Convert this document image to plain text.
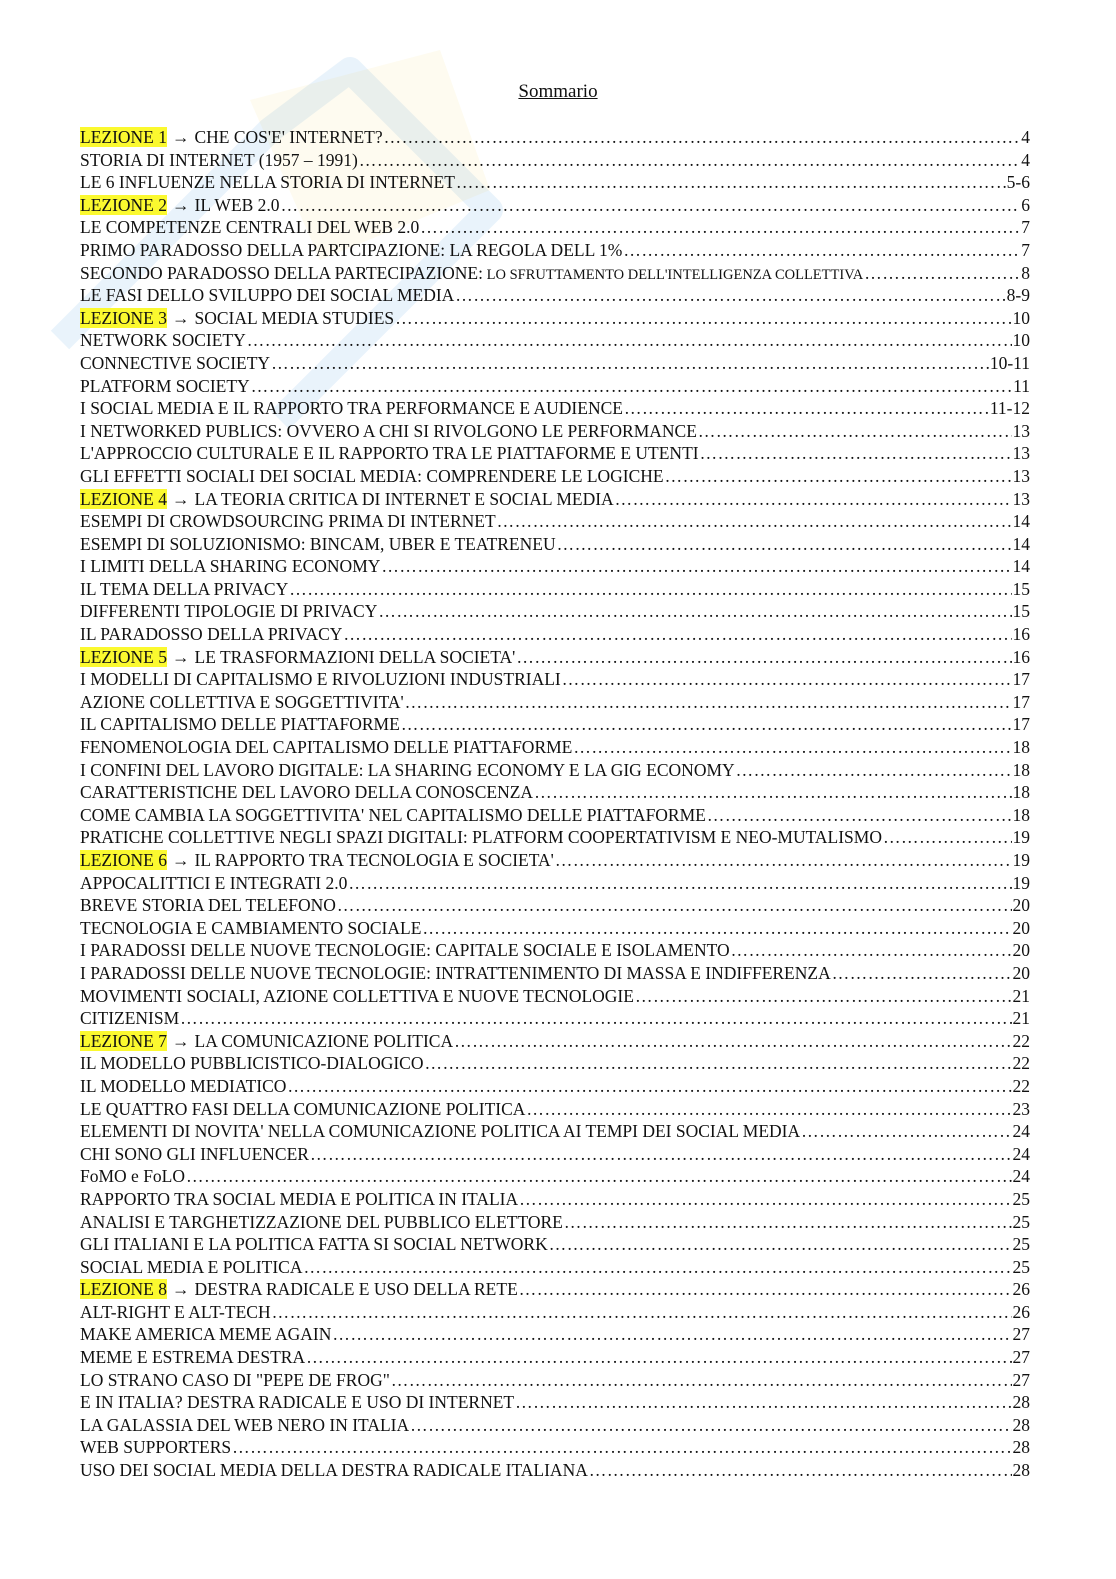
Sommario
LEZIONE 1 → CHE COS'E' INTERNET? ……………………………………………………………………………………………………………………………………………………………………………………………………………………………………………………………………………………	4
STORIA DI INTERNET (1957 – 1991) ……………………………………………………………………………………………………………………………………………………………………………………………………………………………………………………………………………………	4
LE 6 INFLUENZE NELLA STORIA DI INTERNET ……………………………………………………………………………………………………………………………………………………………………………………………………………………………………………………………………………………	5-6
LEZIONE 2 → IL WEB 2.0 ……………………………………………………………………………………………………………………………………………………………………………………………………………………………………………………………………………………	6
LE COMPETENZE CENTRALI DEL WEB 2.0 ……………………………………………………………………………………………………………………………………………………………………………………………………………………………………………………………………………………	7
PRIMO PARADOSSO DELLA PARTCIPAZIONE: LA REGOLA DELL 1% ……………………………………………………………………………………………………………………………………………………………………………………………………………………………………………………………………………………	7
SECONDO PARADOSSO DELLA PARTECIPAZIONE: LO SFRUTTAMENTO DELL'INTELLIGENZA COLLETTIVA ……………………………………………………………………………………………………………………………………………………………………………………………………………………………………………………………………………………	8
LE FASI DELLO SVILUPPO DEI SOCIAL MEDIA ……………………………………………………………………………………………………………………………………………………………………………………………………………………………………………………………………………………	8-9
LEZIONE 3 → SOCIAL MEDIA STUDIES ……………………………………………………………………………………………………………………………………………………………………………………………………………………………………………………………………………………	10
NETWORK SOCIETY ……………………………………………………………………………………………………………………………………………………………………………………………………………………………………………………………………………………	10
CONNECTIVE SOCIETY ……………………………………………………………………………………………………………………………………………………………………………………………………………………………………………………………………………………	10-11
PLATFORM SOCIETY ……………………………………………………………………………………………………………………………………………………………………………………………………………………………………………………………………………………	11
I SOCIAL MEDIA E IL RAPPORTO TRA PERFORMANCE E AUDIENCE ……………………………………………………………………………………………………………………………………………………………………………………………………………………………………………………………………………………	11-12
I NETWORKED PUBLICS: OVVERO A CHI SI RIVOLGONO LE PERFORMANCE ……………………………………………………………………………………………………………………………………………………………………………………………………………………………………………………………………………………	13
L'APPROCCIO CULTURALE E IL RAPPORTO TRA LE PIATTAFORME E UTENTI ……………………………………………………………………………………………………………………………………………………………………………………………………………………………………………………………………………………	13
GLI EFFETTI SOCIALI DEI SOCIAL MEDIA: COMPRENDERE LE LOGICHE ……………………………………………………………………………………………………………………………………………………………………………………………………………………………………………………………………………………	13
LEZIONE 4 → LA TEORIA CRITICA DI INTERNET E SOCIAL MEDIA ……………………………………………………………………………………………………………………………………………………………………………………………………………………………………………………………………………………	13
ESEMPI DI CROWDSOURCING PRIMA DI INTERNET ……………………………………………………………………………………………………………………………………………………………………………………………………………………………………………………………………………………	14
ESEMPI DI SOLUZIONISMO: BINCAM, UBER E TEATRENEU ……………………………………………………………………………………………………………………………………………………………………………………………………………………………………………………………………………………	14
I LIMITI DELLA SHARING ECONOMY ……………………………………………………………………………………………………………………………………………………………………………………………………………………………………………………………………………………	14
IL TEMA DELLA PRIVACY ……………………………………………………………………………………………………………………………………………………………………………………………………………………………………………………………………………………	15
DIFFERENTI TIPOLOGIE DI PRIVACY ……………………………………………………………………………………………………………………………………………………………………………………………………………………………………………………………………………………	15
IL PARADOSSO DELLA PRIVACY ……………………………………………………………………………………………………………………………………………………………………………………………………………………………………………………………………………………	16
LEZIONE 5 → LE TRASFORMAZIONI DELLA SOCIETA' ……………………………………………………………………………………………………………………………………………………………………………………………………………………………………………………………………………………	16
I MODELLI DI CAPITALISMO E RIVOLUZIONI INDUSTRIALI ……………………………………………………………………………………………………………………………………………………………………………………………………………………………………………………………………………………	17
AZIONE COLLETTIVA E SOGGETTIVITA' ……………………………………………………………………………………………………………………………………………………………………………………………………………………………………………………………………………………	17
IL CAPITALISMO DELLE PIATTAFORME ……………………………………………………………………………………………………………………………………………………………………………………………………………………………………………………………………………………	17
FENOMENOLOGIA DEL CAPITALISMO DELLE PIATTAFORME ……………………………………………………………………………………………………………………………………………………………………………………………………………………………………………………………………………………	18
I CONFINI DEL LAVORO DIGITALE: LA SHARING ECONOMY E LA GIG ECONOMY ……………………………………………………………………………………………………………………………………………………………………………………………………………………………………………………………………………………	18
CARATTERISTICHE DEL LAVORO DELLA CONOSCENZA ……………………………………………………………………………………………………………………………………………………………………………………………………………………………………………………………………………………	18
COME CAMBIA LA SOGGETTIVITA' NEL CAPITALISMO DELLE PIATTAFORME ……………………………………………………………………………………………………………………………………………………………………………………………………………………………………………………………………………………	18
PRATICHE COLLETTIVE NEGLI SPAZI DIGITALI: PLATFORM COOPERTATIVISM E NEO-MUTALISMO ……………………………………………………………………………………………………………………………………………………………………………………………………………………………………………………………………………………	19
LEZIONE 6 → IL RAPPORTO TRA TECNOLOGIA E SOCIETA' ……………………………………………………………………………………………………………………………………………………………………………………………………………………………………………………………………………………	19
APPOCALITTICI E INTEGRATI 2.0 ……………………………………………………………………………………………………………………………………………………………………………………………………………………………………………………………………………………	19
BREVE STORIA DEL TELEFONO ……………………………………………………………………………………………………………………………………………………………………………………………………………………………………………………………………………………	20
TECNOLOGIA E CAMBIAMENTO SOCIALE ……………………………………………………………………………………………………………………………………………………………………………………………………………………………………………………………………………………	20
I PARADOSSI DELLE NUOVE TECNOLOGIE: CAPITALE SOCIALE E ISOLAMENTO ……………………………………………………………………………………………………………………………………………………………………………………………………………………………………………………………………………………	20
I PARADOSSI DELLE NUOVE TECNOLOGIE: INTRATTENIMENTO DI MASSA E INDIFFERENZA ……………………………………………………………………………………………………………………………………………………………………………………………………………………………………………………………………………………	20
MOVIMENTI SOCIALI, AZIONE COLLETTIVA E NUOVE TECNOLOGIE ……………………………………………………………………………………………………………………………………………………………………………………………………………………………………………………………………………………	21
CITIZENISM ……………………………………………………………………………………………………………………………………………………………………………………………………………………………………………………………………………………	21
LEZIONE 7 → LA COMUNICAZIONE POLITICA ……………………………………………………………………………………………………………………………………………………………………………………………………………………………………………………………………………………	22
IL MODELLO PUBBLICISTICO-DIALOGICO ……………………………………………………………………………………………………………………………………………………………………………………………………………………………………………………………………………………	22
IL MODELLO MEDIATICO ……………………………………………………………………………………………………………………………………………………………………………………………………………………………………………………………………………………	22
LE QUATTRO FASI DELLA COMUNICAZIONE POLITICA ……………………………………………………………………………………………………………………………………………………………………………………………………………………………………………………………………………………	23
ELEMENTI DI NOVITA' NELLA COMUNICAZIONE POLITICA AI TEMPI DEI SOCIAL MEDIA ……………………………………………………………………………………………………………………………………………………………………………………………………………………………………………………………………………………	24
CHI SONO GLI INFLUENCER ……………………………………………………………………………………………………………………………………………………………………………………………………………………………………………………………………………………	24
FoMO e FoLO ……………………………………………………………………………………………………………………………………………………………………………………………………………………………………………………………………………………	24
RAPPORTO TRA SOCIAL MEDIA E POLITICA IN ITALIA ……………………………………………………………………………………………………………………………………………………………………………………………………………………………………………………………………………………	25
ANALISI E TARGHETIZZAZIONE DEL PUBBLICO ELETTORE ……………………………………………………………………………………………………………………………………………………………………………………………………………………………………………………………………………………	25
GLI ITALIANI E LA POLITICA FATTA SI SOCIAL NETWORK ……………………………………………………………………………………………………………………………………………………………………………………………………………………………………………………………………………………	25
SOCIAL MEDIA E POLITICA ……………………………………………………………………………………………………………………………………………………………………………………………………………………………………………………………………………………	25
LEZIONE 8 → DESTRA RADICALE E USO DELLA RETE ……………………………………………………………………………………………………………………………………………………………………………………………………………………………………………………………………………………	26
ALT-RIGHT E ALT-TECH ……………………………………………………………………………………………………………………………………………………………………………………………………………………………………………………………………………………	26
MAKE AMERICA MEME AGAIN ……………………………………………………………………………………………………………………………………………………………………………………………………………………………………………………………………………………	27
MEME E ESTREMA DESTRA ……………………………………………………………………………………………………………………………………………………………………………………………………………………………………………………………………………………	27
LO STRANO CASO DI "PEPE DE FROG" ……………………………………………………………………………………………………………………………………………………………………………………………………………………………………………………………………………………	27
E IN ITALIA? DESTRA RADICALE E USO DI INTERNET ……………………………………………………………………………………………………………………………………………………………………………………………………………………………………………………………………………………	28
LA GALASSIA DEL WEB NERO IN ITALIA ……………………………………………………………………………………………………………………………………………………………………………………………………………………………………………………………………………………	28
WEB SUPPORTERS ……………………………………………………………………………………………………………………………………………………………………………………………………………………………………………………………………………………	28
USO DEI SOCIAL MEDIA DELLA DESTRA RADICALE ITALIANA ……………………………………………………………………………………………………………………………………………………………………………………………………………………………………………………………………………………	28
